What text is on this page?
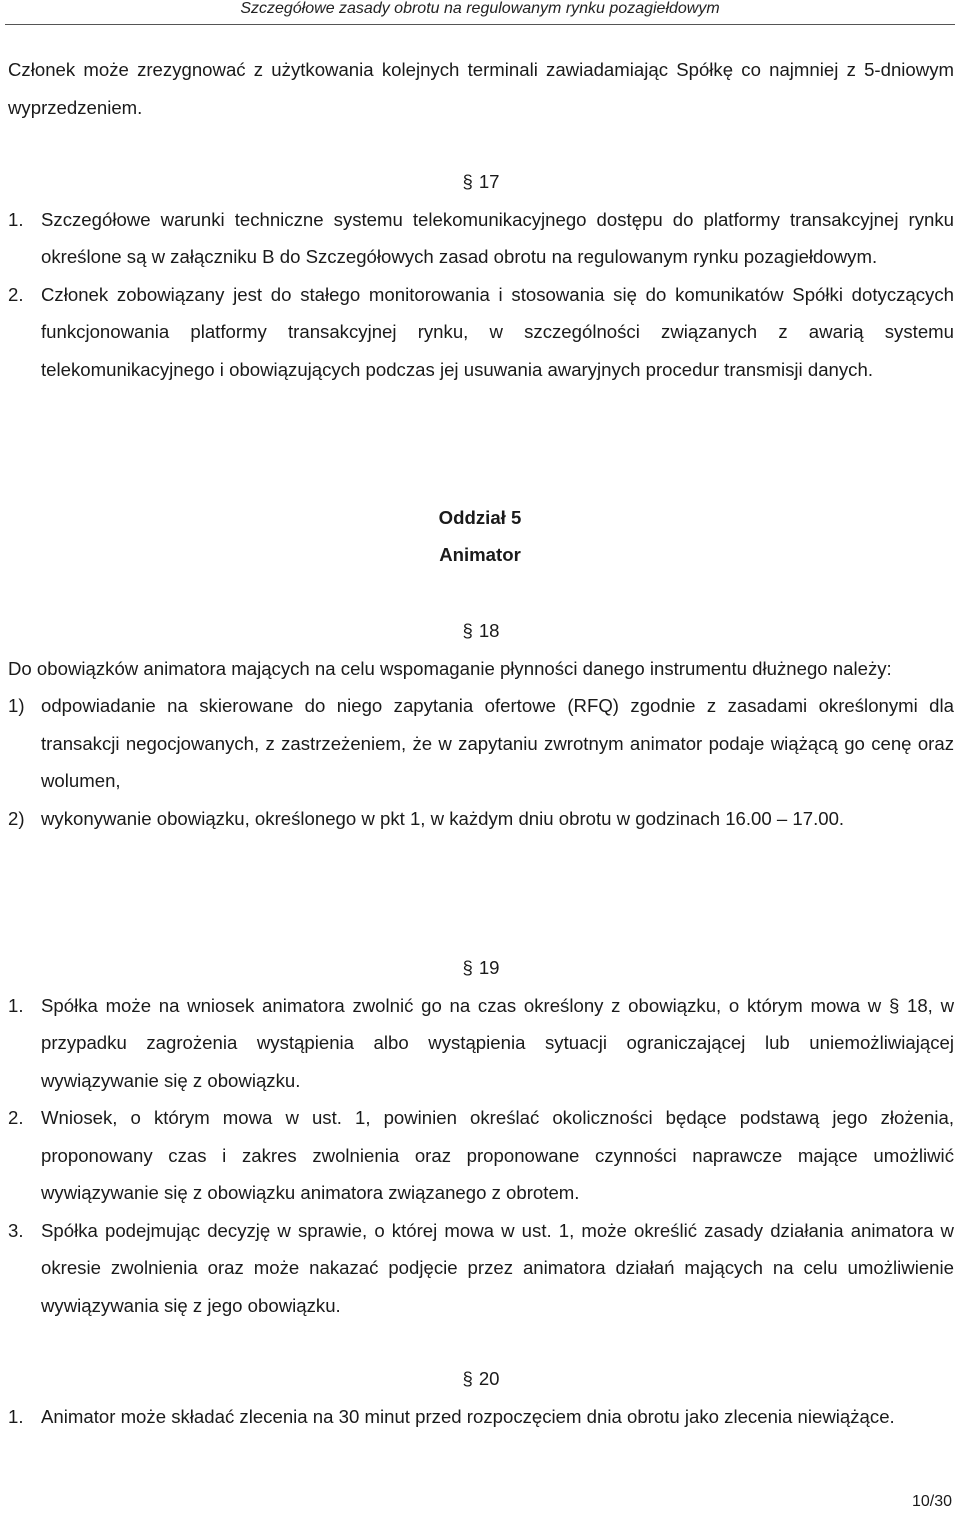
Szczegółowe zasady obrotu na regulowanym rynku pozagiełdowym

Członek może zrezygnować z użytkowania kolejnych terminali zawiadamiając Spółkę co najmniej z 5-dniowym wyprzedzeniem.

§ 17
1. Szczegółowe warunki techniczne systemu telekomunikacyjnego dostępu do platformy transakcyjnej rynku określone są w załączniku B do Szczegółowych zasad obrotu na regulowanym rynku pozagiełdowym.
2. Członek zobowiązany jest do stałego monitorowania i stosowania się do komunikatów Spółki dotyczących funkcjonowania platformy transakcyjnej rynku, w szczególności związanych z awarią systemu telekomunikacyjnego i obowiązujących podczas jej usuwania awaryjnych procedur transmisji danych.
Oddział 5
Animator
§ 18

Do obowiązków animatora mających na celu wspomaganie płynności danego instrumentu dłużnego należy:

1) odpowiadanie na skierowane do niego zapytania ofertowe (RFQ) zgodnie z zasadami określonymi dla transakcji negocjowanych, z zastrzeżeniem, że w zapytaniu zwrotnym animator podaje wiążącą go cenę oraz wolumen,
2) wykonywanie obowiązku, określonego w pkt 1, w każdym dniu obrotu w godzinach 16.00 – 17.00.
§ 19
1. Spółka może na wniosek animatora zwolnić go na czas określony z obowiązku, o którym mowa w § 18, w przypadku zagrożenia wystąpienia albo wystąpienia sytuacji ograniczającej lub uniemożliwiającej wywiązywanie się z obowiązku.
2. Wniosek, o którym mowa w ust. 1, powinien określać okoliczności będące podstawą jego złożenia, proponowany czas i zakres zwolnienia oraz proponowane czynności naprawcze mające umożliwić wywiązywanie się z obowiązku animatora związanego z obrotem.
3. Spółka podejmując decyzję w sprawie, o której mowa w ust. 1, może określić zasady działania animatora w okresie zwolnienia oraz może nakazać podjęcie przez animatora działań mających na celu umożliwienie wywiązywania się z jego obowiązku.
§ 20
1. Animator może składać zlecenia na 30 minut przed rozpoczęciem dnia obrotu jako zlecenia niewiążące.
10/30
